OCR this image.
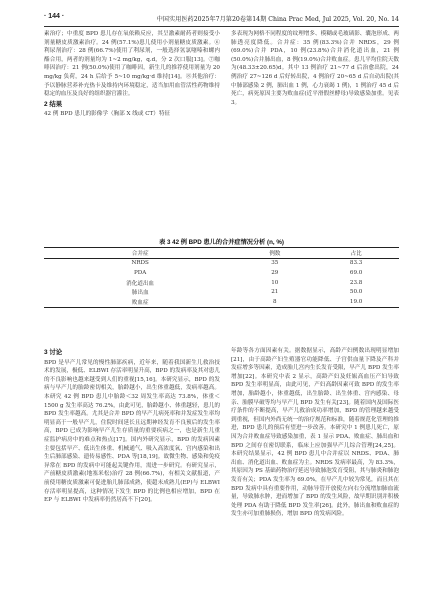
· 144 ·	中国实用医药2025年7月第20卷第14期 China Prac Med, Jul 2025, Vol. 20, No. 14

素治疗；中重度 BPD 患儿存在氧依赖反应，其呈激素耐药者则接受小剂量糖皮质激素治疗。24 例(57.1%)患儿使用小剂量糖皮质激素。⑥利尿剂治疗：28 例(66.7%)使用了利尿剂，一般选择氢氯噻嗪和螺内酯合用，两者的剂量均为 1~2 mg/kg，q.d，分 2 次口服[13]。⑦咖啡因治疗：21 例(50.0%)使用了咖啡因，新生儿的推荐使用剂量为 20 mg/kg 负荷，24 h 后给予 5~10 mg/kg·d 维持[14]。⑧其他治疗：予以静脉营养补充热卡及维持内环境稳定，适当加用血管活性药物维持稳定的血压及良好的组织器官灌注。

2 结果

42 例 BPD 患儿的影像学（胸部 X 线或 CT）特征

多表现为网格不同程度的纹理增多、模糊或毛玻璃影、囊泡形成、两肺透亮度降低。合并症：35 例(83.3%)合并 NRDS，29 例(69.0%)合并 PDA，10 例(23.8%)合并消化道出血，21 例(50.0%)合并肺出血，8 例(19.0%)合并败血症。患儿平均住院天数为(48.33±20.65)d。其中 13 例治疗 21~77 d 后治愈出院，24 例治疗 27~126 d 后好转出院，4 例治疗 20~65 d 后自动出院(其中肺部感染 2 例，肺出血 1 例，心力衰竭 1 例)，1 例治疗 45 d 后死亡，病死原因主要为败血症(近平滑假丝酵母)导致感染加重。见表 3。

表 3 42 例 BPD 患儿的合并症情况分析 (n, %)
合并症	例数	占比
NRDS	35	83.3
PDA	29	69.0
消化道出血	10	23.8
肺出血	21	50.0
败血症	8	19.0
3 讨论

BPD 是早产儿常见的慢性肺部疾病，近年来，随着我国新生儿救治技术的发展，极低、ELBWI 存活率明显升高，BPD 的发病率及其对患儿的不良影响也越来越受到人们的重视[15,16]。本研究显示，BPD 的发病与早产儿的胎龄密切相关，胎龄越小，出生体重越低，发病率越高。本研究 42 例 BPD 患儿中胎龄＜32 周发生率高达 73.8%，体重＜1500 g 发生率高达 76.2%，由此可见，胎龄越小、体重越轻，患儿的 BPD 发生率越高。尤其是合并 BPD 的早产儿病死率和并发症发生率均明显高于一般早产儿，住院时间延长且远期神经发育不良预后的发生率高，BPD 已成为影响早产儿生存质量的重要疾病之一，也是新生儿重症监护病房中的难点和热点[17]。国内外研究显示，BPD 的发病因素主要包括早产、低出生体重、机械通气、吸入高浓度氧、宫内感染和出生后肺部感染、遗传易感性、PDA 等[18,19]。故微生物、感染和免疫异常在 BPD 的发病中可能起关键作用，需进一步研究。有研究显示，产前糖皮质激素(地塞米松)治疗 28 例(66.7%)，有相关文献报道，产前使用糖皮质激素可促进胎儿肺部成熟，使超未成熟儿(EP)与 ELBWI 存活率明显提高，这种情况下发生 BPD 的比例也相应增加，BPD 在 EP 与 ELBWI 中发病率仍然居高不下[20]。

年龄等各方面因素有关。据数据显示，高龄产妇例数出现明显增加[21]，由于高龄产妇生殖器官功能降低、子宫供血量下降及产科并发症增多等因素，造成胎儿宫内生长发育受限，早产儿 BPD 发生率增加[22]。本研究中表 2 显示，高龄产妇及妊娠高血压产妇导致 BPD 发生率明显高，由此可见，产妇高龄因素可致 BPD 的发生率增加，胎龄越小，体重越低，出生胎龄、出生体重、宫内感染、母亲、胎膜早破等均与早产儿 BPD 发生有关[23]。随着国内及国际医疗条件的不断提高，早产儿救治成功率增加，BPD 的管理越来越受到重视，但国内外尚无统一的治疗规范和标准，随着规范化管理的推进，BPD 患儿的预后有望进一步改善。本研究中 1 例患儿死亡，原因为合并败血症导致感染加重，表 1 显示 PDA、败血症、肺出血和 BPD 之间存在密切联系，临床上应加强早产儿综合管理[24,25]。 本研究结果显示，42 例 BPD 患儿中合并症以 NRDS、PDA、肺出血、消化道出血、败血症为主。NRDS 发病率最高，为 83.3%，其原因为 PS 基础药物治疗延迟导致肺泡发育受阻，其与肺炎和肺泡发育有关；PDA 发生率为 69.0%，在早产儿中较为常见，而且其在 BPD 发病中具有重要作用，动脉导管开放使左向右分流增加肺血流量，导致肺水肿，进而增加了 BPD 的发生风险，故早期识别并积极处理 PDA 有助于降低 BPD 发生率[26]。此外，肺出血和败血症的发生亦可加重肺损伤，增加 BPD 的发病风险。
